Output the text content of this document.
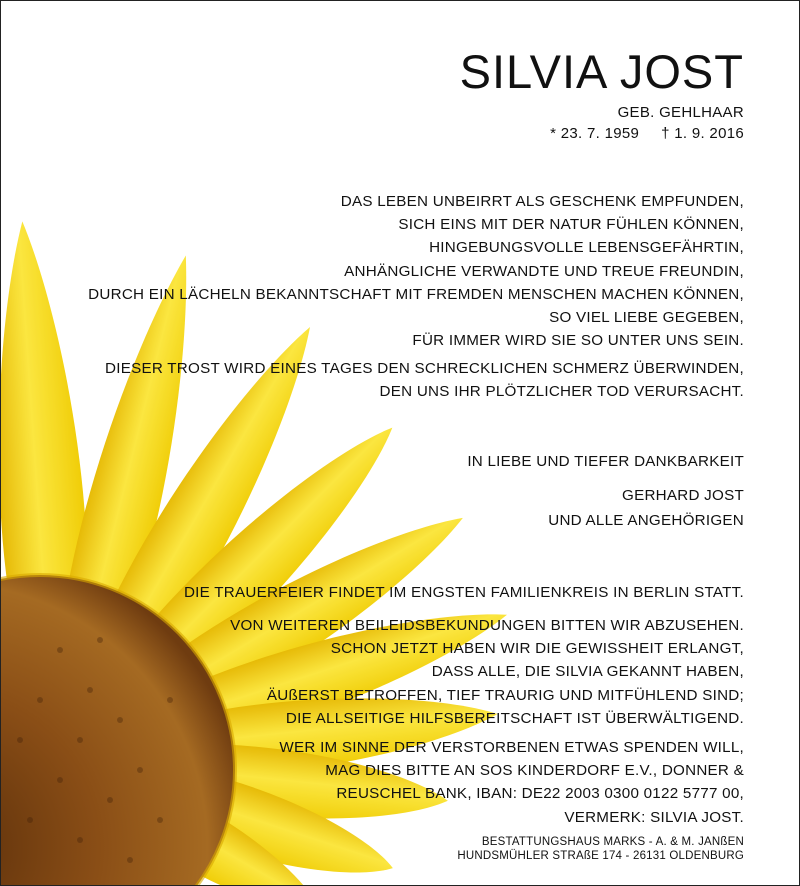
SILVIA JOST
GEB. GEHLHAAR
* 23. 7. 1959 † 1. 9. 2016
DAS LEBEN UNBEIRRT ALS GESCHENK EMPFUNDEN,
SICH EINS MIT DER NATUR FÜHLEN KÖNNEN,
HINGEBUNGSVOLLE LEBENSGEFÄHRTIN,
ANHÄNGLICHE VERWANDTE UND TREUE FREUNDIN,
DURCH EIN LÄCHELN BEKANNTSCHAFT MIT FREMDEN MENSCHEN MACHEN KÖNNEN,
SO VIEL LIEBE GEGEBEN,
FÜR IMMER WIRD SIE SO UNTER UNS SEIN.
DIESER TROST WIRD EINES TAGES DEN SCHRECKLICHEN SCHMERZ ÜBERWINDEN,
DEN UNS IHR PLÖTZLICHER TOD VERURSACHT.
IN LIEBE UND TIEFER DANKBARKEIT
GERHARD JOST
UND ALLE ANGEHÖRIGEN
DIE TRAUERFEIER FINDET IM ENGSTEN FAMILIENKREIS IN BERLIN STATT.
VON WEITEREN BEILEIDSBEKUNDUNGEN BITTEN WIR ABZUSEHEN.
SCHON JETZT HABEN WIR DIE GEWISSHEIT ERLANGT,
DASS ALLE, DIE SILVIA GEKANNT HABEN,
ÄUßERST BETROFFEN, TIEF TRAURIG UND MITFÜHLEND SIND;
DIE ALLSEITIGE HILFSBEREITSCHAFT IST ÜBERWÄLTIGEND.
WER IM SINNE DER VERSTORBENEN ETWAS SPENDEN WILL,
MAG DIES BITTE AN SOS KINDERDORF E.V., DONNER &
REUSCHEL BANK, IBAN: DE22 2003 0300 0122 5777 00,
VERMERK: SILVIA JOST.
BESTATTUNGSHAUS MARKS - A. & M. JANßEN
HUNDSMÜHLER STRAßE 174 - 26131 OLDENBURG
